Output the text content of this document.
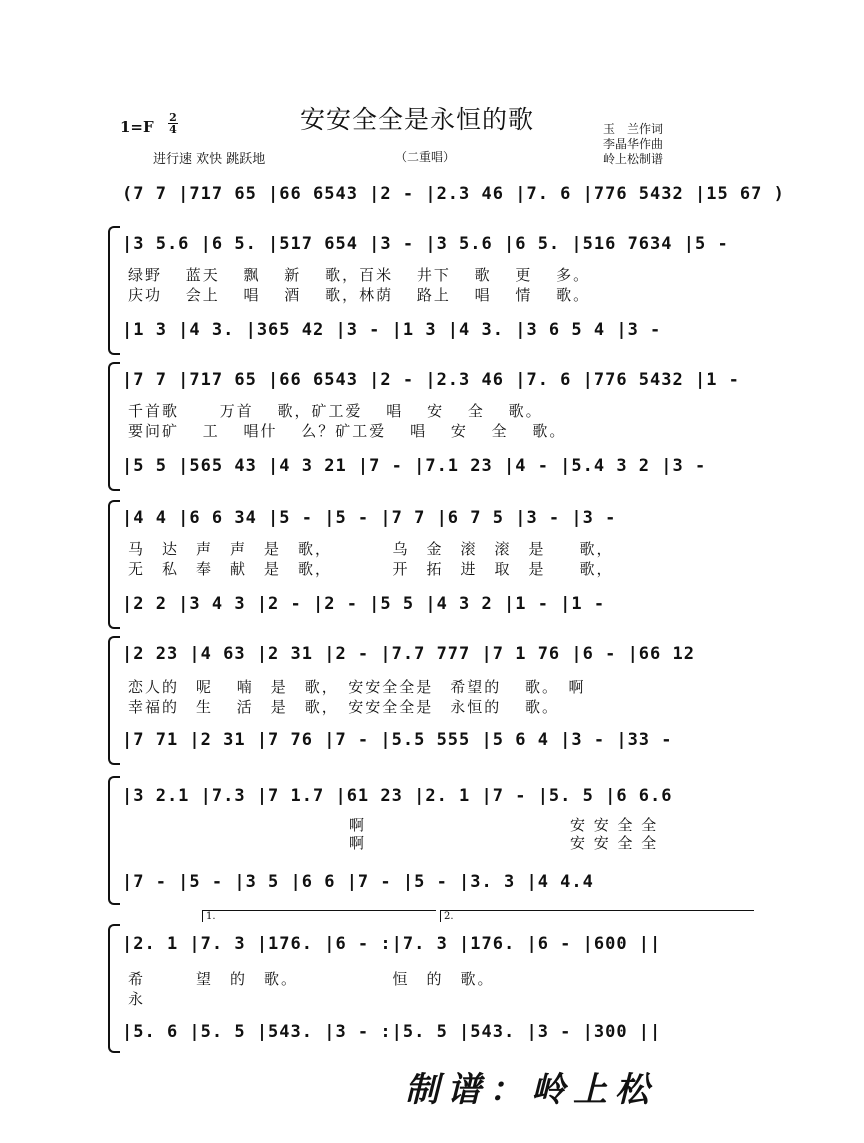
安安全全是永恒的歌
1=F
2
4
进行速 欢快 跳跃地	（二重唱）
玉　兰作词
李晶华作曲
岭上松制谱
(7 7 |717 65 |66 6543 |2 - |2.3 46 |7. 6 |776 5432 |15 67 )
|3 5.6 |6 5. |517 654 |3 - |3 5.6 |6 5. |516 7634 |5 -
绿野　 蓝天　 飘　 新　 歌，百米　 井下　 歌　 更　 多。
庆功　 会上　 唱　 酒　 歌，林荫　 路上　 唱　 情　 歌。
|1 3 |4 3. |365 42 |3 - |1 3 |4 3. |3 6 5 4 |3 -
|7 7 |717 65 |66 6543 |2 - |2.3 46 |7. 6 |776 5432 |1 -
千首歌　　 万首　 歌，矿工爱　 唱　 安　 全　 歌。
要问矿　 工　 唱什　 么？矿工爱　 唱　 安　 全　 歌。
|5 5 |565 43 |4 3 21 |7 - |7.1 23 |4 - |5.4 3 2 |3 -
|4 4 |6 6 34 |5 - |5 - |7 7 |6 7 5 |3 - |3 -
马　达　声　声　是　歌，　　　　乌　金　滚　滚　是　　歌，
无　私　奉　献　是　歌，　　　　开　拓　进　取　是　　歌，
|2 2 |3 4 3 |2 - |2 - |5 5 |4 3 2 |1 - |1 -
|2 23 |4 63 |2 31 |2 - |7.7 777 |7 1 76 |6 - |66 12
恋人的　呢　 喃　是　歌，　安安全全是　希望的　 歌。　啊
幸福的　生　 活　是　歌，　安安全全是　永恒的　 歌。
|7 71 |2 31 |7 76 |7 - |5.5 555 |5 6 4 |3 - |33 -
|3 2.1 |7.3 |7 1.7 |61 23 |2. 1 |7 - |5. 5 |6 6.6
　　　　　　　　　　　　　啊　　　　　　　　　　　　安 安 全 全
　　　　　　　　　　　　　啊　　　　　　　　　　　　安 安 全 全
|7 - |5 - |3 5 |6 6 |7 - |5 - |3. 3 |4 4.4
1.	2.
|2. 1 |7. 3 |176. |6 - :|7. 3 |176. |6 - |600 ||
希　　　望　的　歌。　　　　　　恒　的　歌。
永
|5. 6 |5. 5 |543. |3 - :|5. 5 |543. |3 - |300 ||
制谱：岭上松
